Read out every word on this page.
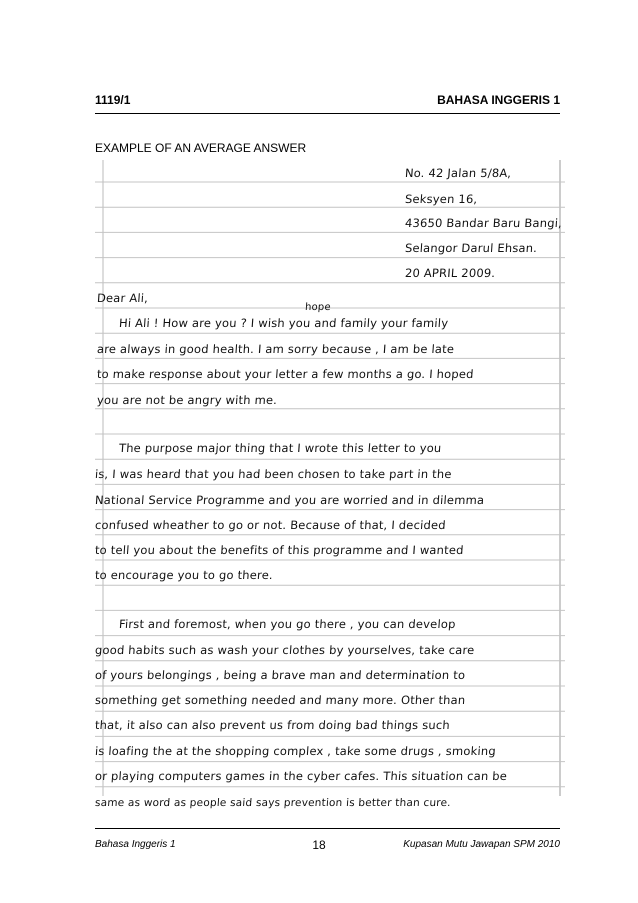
1119/1	BAHASA INGGERIS 1
EXAMPLE OF AN AVERAGE ANSWER
No. 42 Jalan 5/8A,
Seksyen 16,
43650 Bandar Baru Bangi,
Selangor Darul Ehsan.
20 APRIL 2009.
Dear Ali,
hope
Hi Ali ! How are you ? I wish you and family your family
are always in good health. I am sorry because , I am be late
to make response about your letter a few months a go. I hoped
you are not be angry with me.
The purpose major thing that I wrote this letter to you
is, I was heard that you had been chosen to take part in the
National Service Programme and you are worried and in dilemma
confused wheather to go or not. Because of that, I decided
to tell you about the benefits of this programme and I wanted
to encourage you to go there.
First and foremost, when you go there , you can develop
good habits such as wash your clothes by yourselves, take care
of yours belongings , being a brave man and determination to
something get something needed and many more. Other than
that, it also can also prevent us from doing bad things such
is loafing the at the shopping complex , take some drugs , smoking
or playing computers games in the cyber cafes. This situation can be
same as word as people said says prevention is better than cure.
Bahasa Inggeris 1	18	Kupasan Mutu Jawapan SPM 2010
